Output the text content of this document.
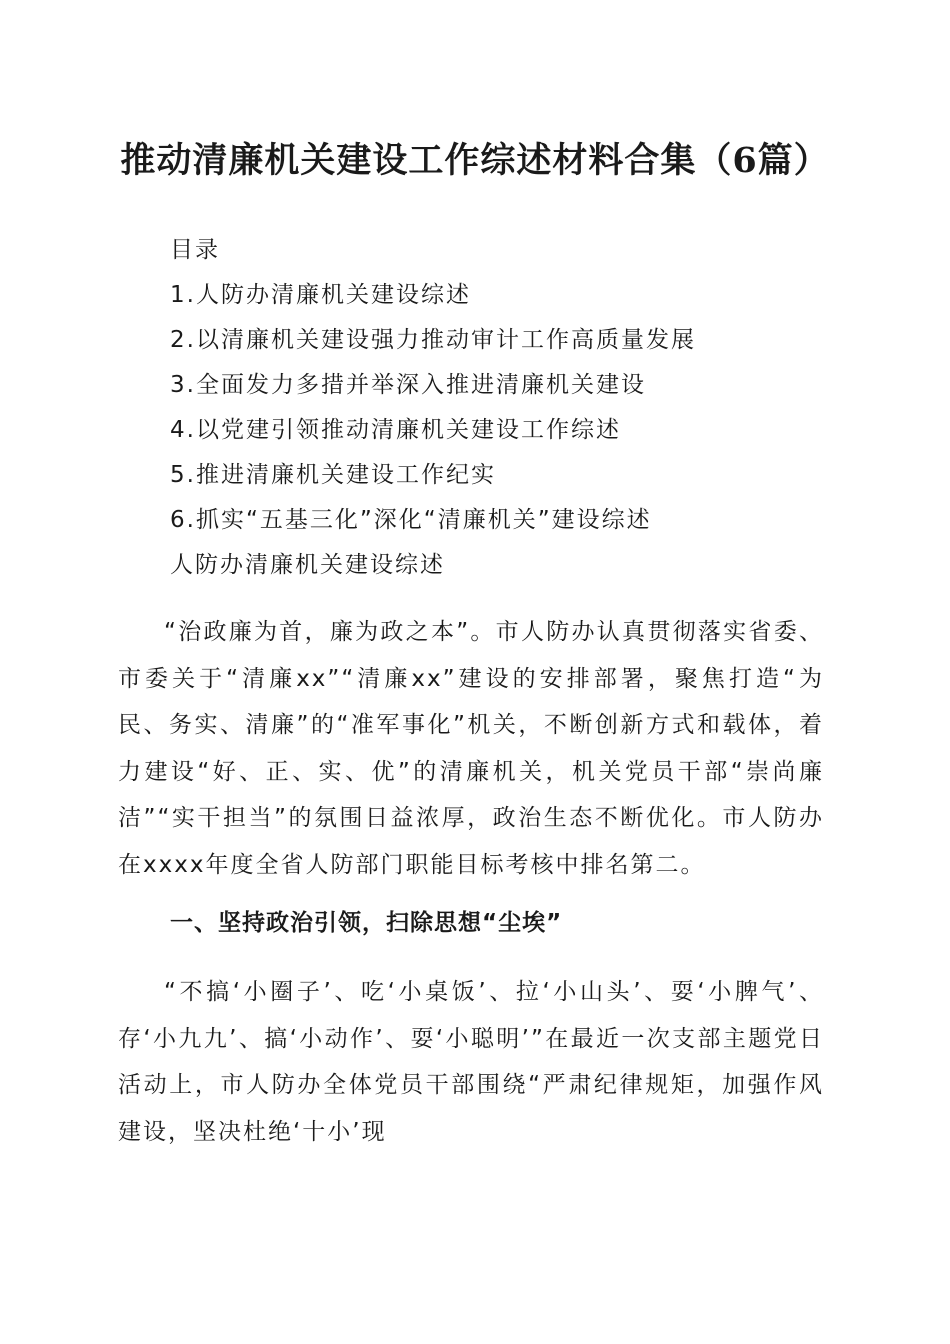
推动清廉机关建设工作综述材料合集（6篇）
目录
1.人防办清廉机关建设综述
2.以清廉机关建设强力推动审计工作高质量发展
3.全面发力多措并举深入推进清廉机关建设
4.以党建引领推动清廉机关建设工作综述
5.推进清廉机关建设工作纪实
6.抓实“五基三化”深化“清廉机关”建设综述
人防办清廉机关建设综述

“治政廉为首，廉为政之本”。市人防办认真贯彻落实省委、市委关于“清廉xx”“清廉xx”建设的安排部署，聚焦打造“为民、务实、清廉”的“准军事化”机关，不断创新方式和载体，着力建设“好、正、实、优”的清廉机关，机关党员干部“崇尚廉洁”“实干担当”的氛围日益浓厚，政治生态不断优化。市人防办在xxxx年度全省人防部门职能目标考核中排名第二。

一、坚持政治引领，扫除思想“尘埃”

“不搞‘小圈子’、吃‘小桌饭’、拉‘小山头’、耍‘小脾气’、存‘小九九’、搞‘小动作’、耍‘小聪明’”在最近一次支部主题党日活动上，市人防办全体党员干部围绕“严肃纪律规矩，加强作风建设，坚决杜绝‘十小’现
